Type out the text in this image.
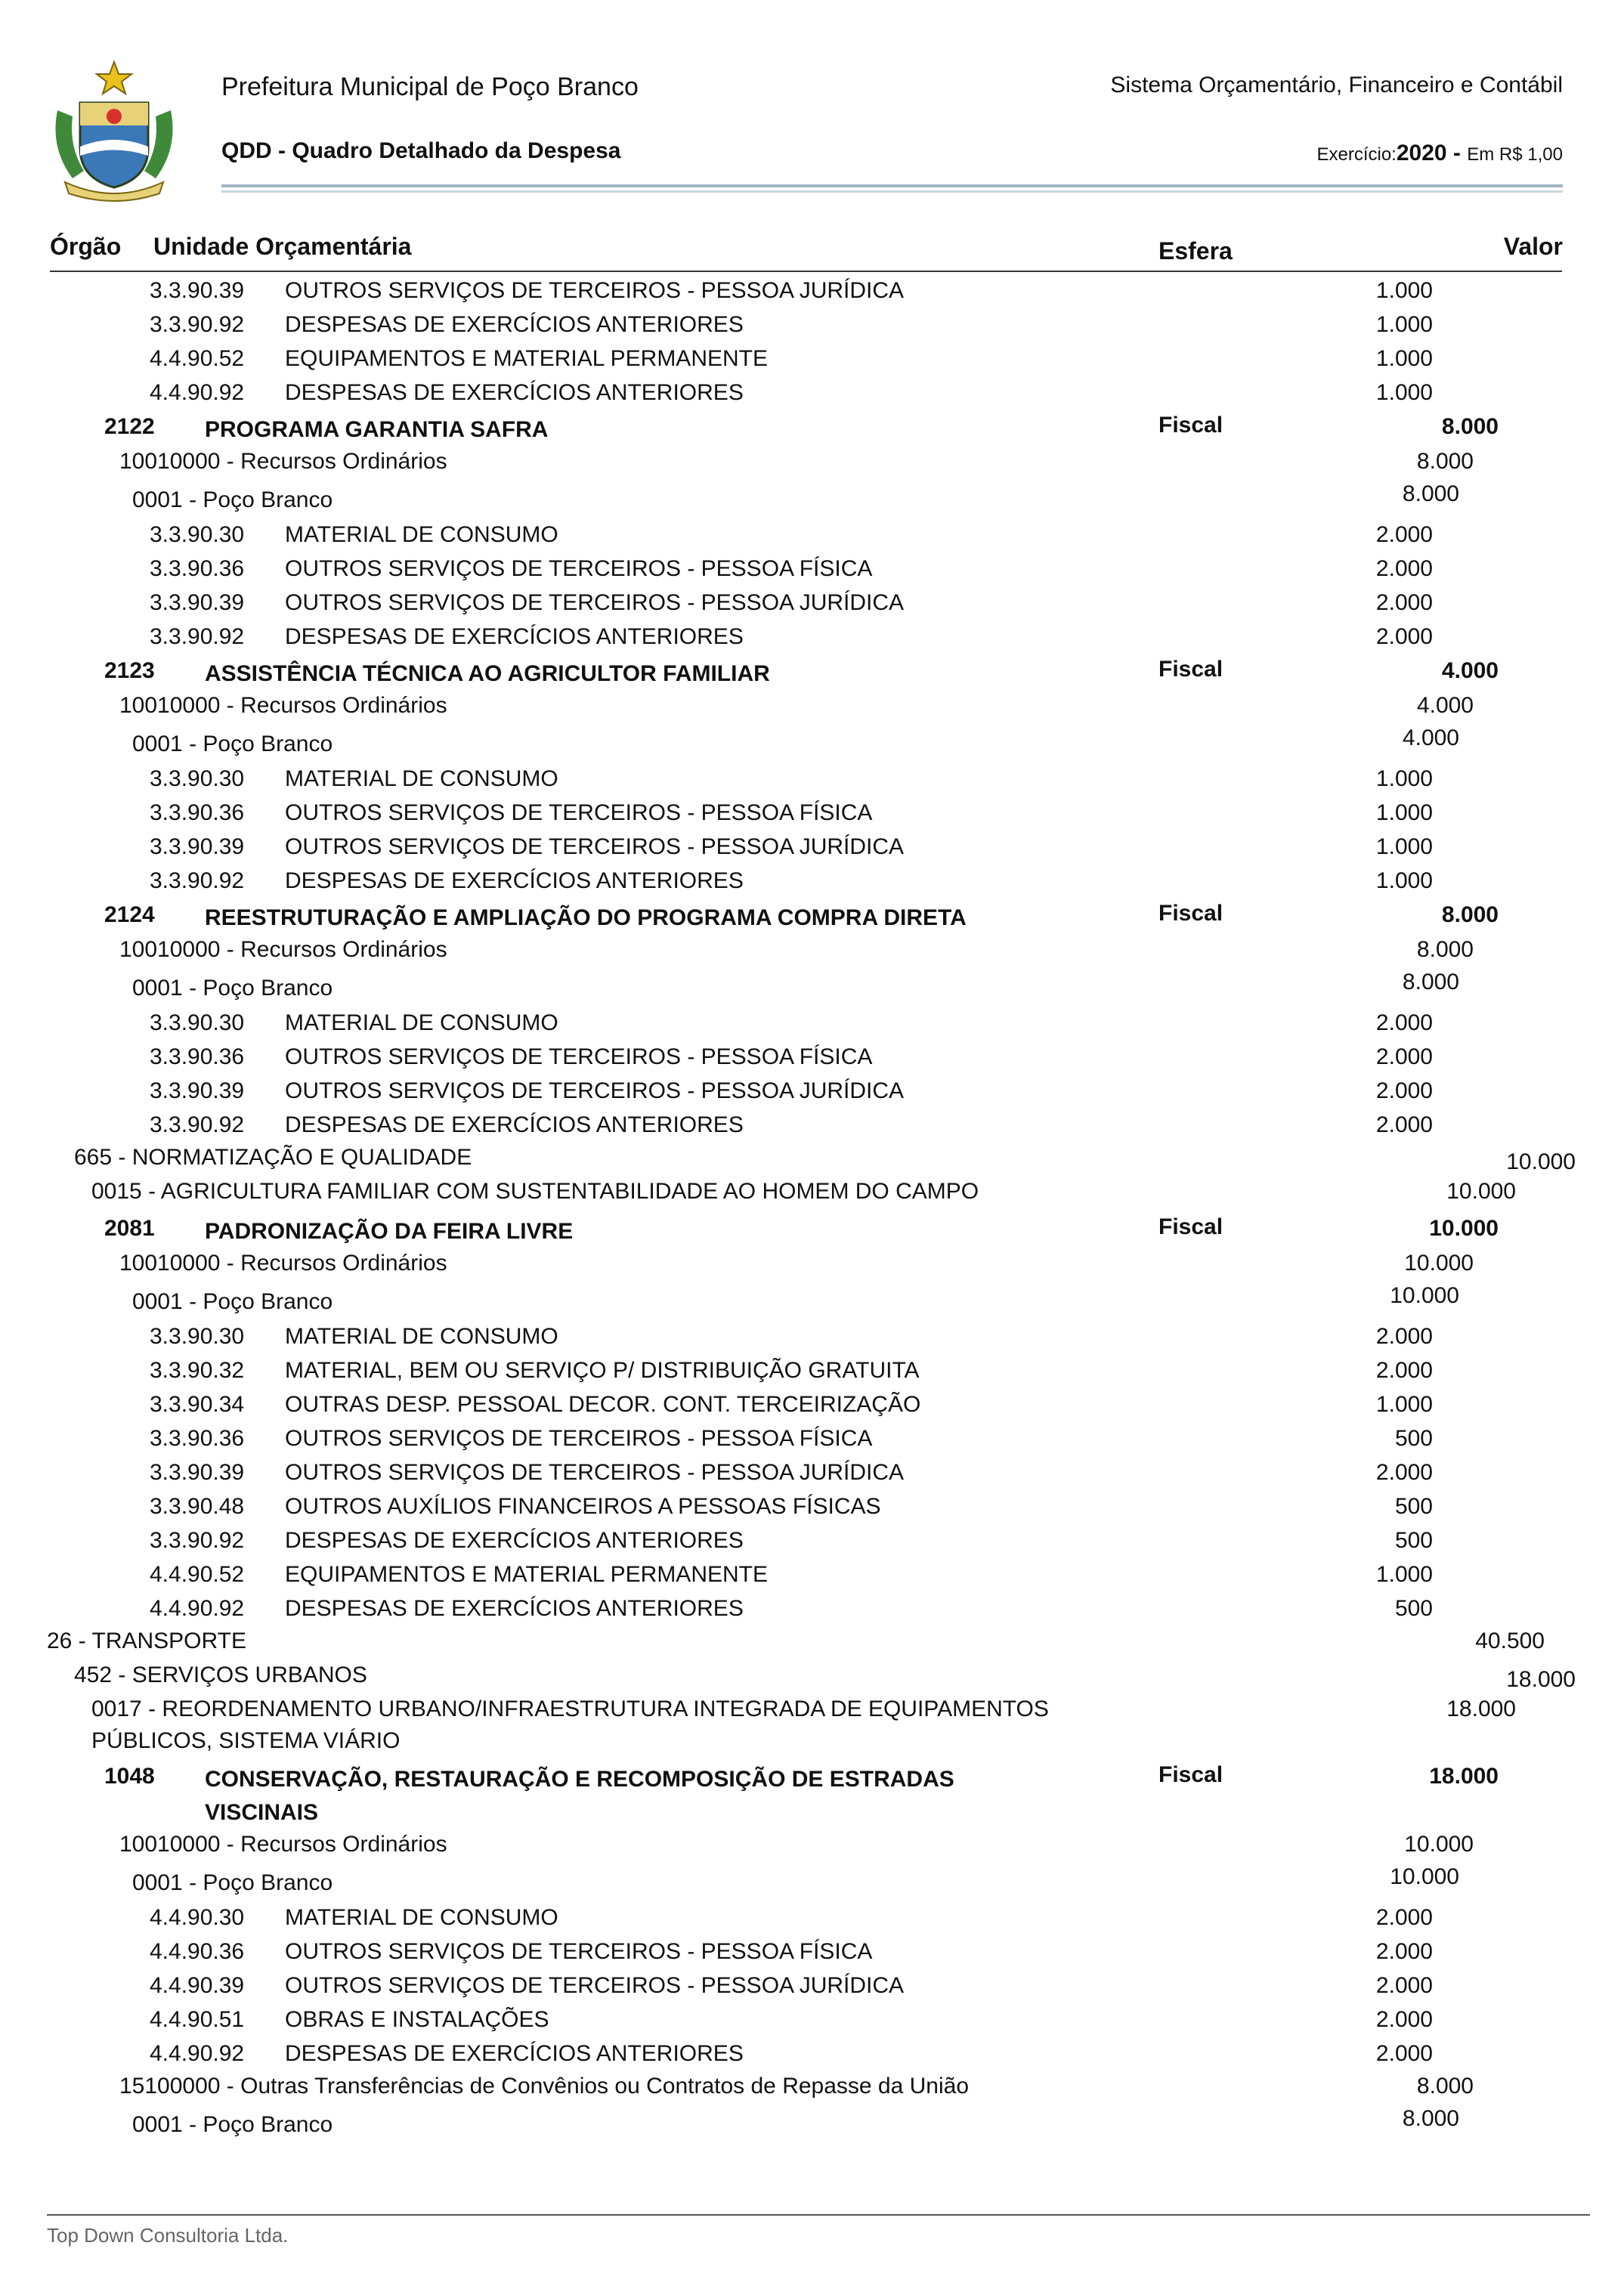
Prefeitura Municipal de Poço Branco	Sistema Orçamentário, Financeiro e Contábil
QDD - Quadro Detalhado da Despesa	Exercício:2020 - Em R$ 1,00
Órgão Unidade Orçamentária	Esfera	Valor
3.3.90.39 OUTROS SERVIÇOS DE TERCEIROS - PESSOA JURÍDICA	1.000
3.3.90.92 DESPESAS DE EXERCÍCIOS ANTERIORES	1.000
4.4.90.52 EQUIPAMENTOS E MATERIAL PERMANENTE	1.000
4.4.90.92 DESPESAS DE EXERCÍCIOS ANTERIORES	1.000
2122 PROGRAMA GARANTIA SAFRA	Fiscal	8.000
10010000 - Recursos Ordinários	8.000
0001 - Poço Branco	8.000
3.3.90.30 MATERIAL DE CONSUMO	2.000
3.3.90.36 OUTROS SERVIÇOS DE TERCEIROS - PESSOA FÍSICA	2.000
3.3.90.39 OUTROS SERVIÇOS DE TERCEIROS - PESSOA JURÍDICA	2.000
3.3.90.92 DESPESAS DE EXERCÍCIOS ANTERIORES	2.000
2123 ASSISTÊNCIA TÉCNICA AO AGRICULTOR FAMILIAR	Fiscal	4.000
10010000 - Recursos Ordinários	4.000
0001 - Poço Branco	4.000
3.3.90.30 MATERIAL DE CONSUMO	1.000
3.3.90.36 OUTROS SERVIÇOS DE TERCEIROS - PESSOA FÍSICA	1.000
3.3.90.39 OUTROS SERVIÇOS DE TERCEIROS - PESSOA JURÍDICA	1.000
3.3.90.92 DESPESAS DE EXERCÍCIOS ANTERIORES	1.000
2124 REESTRUTURAÇÃO E AMPLIAÇÃO DO PROGRAMA COMPRA DIRETA	Fiscal	8.000
10010000 - Recursos Ordinários	8.000
0001 - Poço Branco	8.000
3.3.90.30 MATERIAL DE CONSUMO	2.000
3.3.90.36 OUTROS SERVIÇOS DE TERCEIROS - PESSOA FÍSICA	2.000
3.3.90.39 OUTROS SERVIÇOS DE TERCEIROS - PESSOA JURÍDICA	2.000
3.3.90.92 DESPESAS DE EXERCÍCIOS ANTERIORES	2.000
665 - NORMATIZAÇÃO E QUALIDADE	10.000
0015 - AGRICULTURA FAMILIAR COM SUSTENTABILIDADE AO HOMEM DO CAMPO	10.000
2081 PADRONIZAÇÃO DA FEIRA LIVRE	Fiscal	10.000
10010000 - Recursos Ordinários	10.000
0001 - Poço Branco	10.000
3.3.90.30 MATERIAL DE CONSUMO	2.000
3.3.90.32 MATERIAL, BEM OU SERVIÇO P/ DISTRIBUIÇÃO GRATUITA	2.000
3.3.90.34 OUTRAS DESP. PESSOAL DECOR. CONT. TERCEIRIZAÇÃO	1.000
3.3.90.36 OUTROS SERVIÇOS DE TERCEIROS - PESSOA FÍSICA	500
3.3.90.39 OUTROS SERVIÇOS DE TERCEIROS - PESSOA JURÍDICA	2.000
3.3.90.48 OUTROS AUXÍLIOS FINANCEIROS A PESSOAS FÍSICAS	500
3.3.90.92 DESPESAS DE EXERCÍCIOS ANTERIORES	500
4.4.90.52 EQUIPAMENTOS E MATERIAL PERMANENTE	1.000
4.4.90.92 DESPESAS DE EXERCÍCIOS ANTERIORES	500
26 - TRANSPORTE	40.500
452 - SERVIÇOS URBANOS	18.000
0017 - REORDENAMENTO URBANO/INFRAESTRUTURA INTEGRADA DE EQUIPAMENTOS
PÚBLICOS, SISTEMA VIÁRIO
18.000
1048 CONSERVAÇÃO, RESTAURAÇÃO E RECOMPOSIÇÃO DE ESTRADAS
VISCINAIS
Fiscal	18.000
10010000 - Recursos Ordinários	10.000
0001 - Poço Branco	10.000
4.4.90.30 MATERIAL DE CONSUMO	2.000
4.4.90.36 OUTROS SERVIÇOS DE TERCEIROS - PESSOA FÍSICA	2.000
4.4.90.39 OUTROS SERVIÇOS DE TERCEIROS - PESSOA JURÍDICA	2.000
4.4.90.51 OBRAS E INSTALAÇÕES	2.000
4.4.90.92 DESPESAS DE EXERCÍCIOS ANTERIORES	2.000
15100000 - Outras Transferências de Convênios ou Contratos de Repasse da União	8.000
0001 - Poço Branco	8.000
Top Down Consultoria Ltda.
